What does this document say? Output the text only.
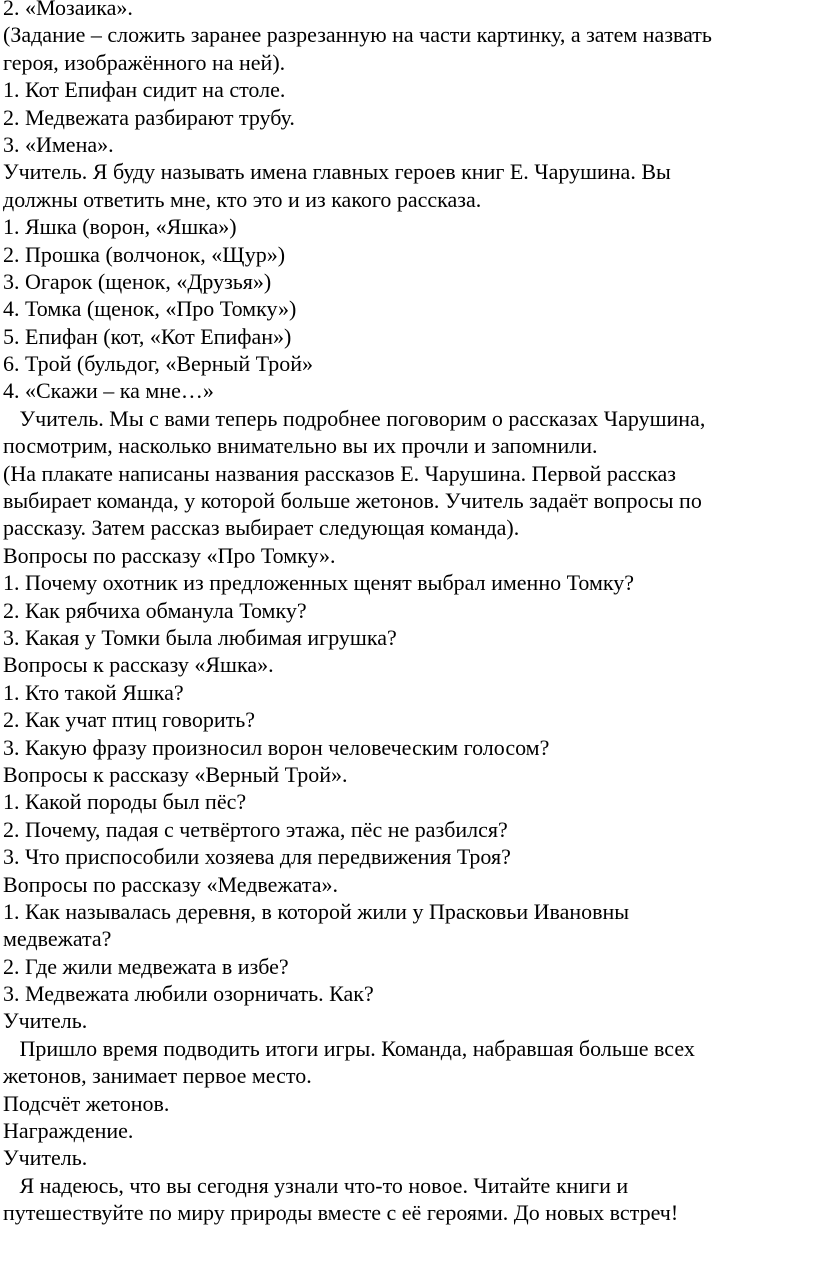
2. «Мозаика».
(Задание – сложить заранее разрезанную на части картинку, а затем назвать
героя, изображённого на ней).
1. Кот Епифан сидит на столе.
2. Медвежата разбирают трубу.
3. «Имена».
Учитель. Я буду называть имена главных героев книг Е. Чарушина. Вы
должны ответить мне, кто это и из какого рассказа.
1. Яшка (ворон, «Яшка»)
2. Прошка (волчонок, «Щур»)
3. Огарок (щенок, «Друзья»)
4. Томка (щенок, «Про Томку»)
5. Епифан (кот, «Кот Епифан»)
6. Трой (бульдог, «Верный Трой»
4. «Скажи – ка мне…»
Учитель. Мы с вами теперь подробнее поговорим о рассказах Чарушина,
посмотрим, насколько внимательно вы их прочли и запомнили.
(На плакате написаны названия рассказов Е. Чарушина. Первой рассказ
выбирает команда, у которой больше жетонов. Учитель задаёт вопросы по
рассказу. Затем рассказ выбирает следующая команда).
Вопросы по рассказу «Про Томку».
1. Почему охотник из предложенных щенят выбрал именно Томку?
2. Как рябчиха обманула Томку?
3. Какая у Томки была любимая игрушка?
Вопросы к рассказу «Яшка».
1. Кто такой Яшка?
2. Как учат птиц говорить?
3. Какую фразу произносил ворон человеческим голосом?
Вопросы к рассказу «Верный Трой».
1. Какой породы был пёс?
2. Почему, падая с четвёртого этажа, пёс не разбился?
3. Что приспособили хозяева для передвижения Троя?
Вопросы по рассказу «Медвежата».
1. Как называлась деревня, в которой жили у Прасковьи Ивановны
медвежата?
2. Где жили медвежата в избе?
3. Медвежата любили озорничать. Как?
Учитель.
Пришло время подводить итоги игры. Команда, набравшая больше всех
жетонов, занимает первое место.
Подсчёт жетонов.
Награждение.
Учитель.
Я надеюсь, что вы сегодня узнали что-то новое. Читайте книги и
путешествуйте по миру природы вместе с её героями. До новых встреч!
